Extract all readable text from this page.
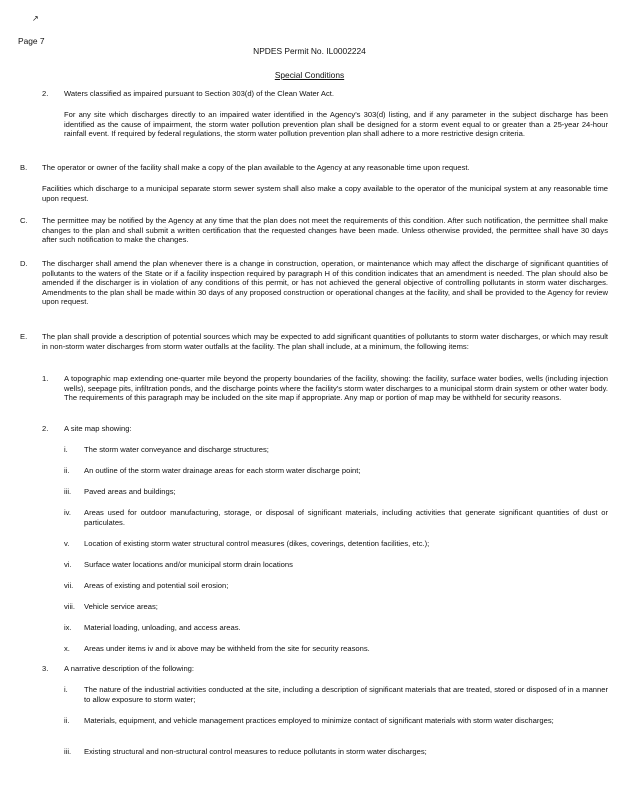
↗
Page 7
NPDES Permit No. IL0002224
Special Conditions
2. Waters classified as impaired pursuant to Section 303(d) of the Clean Water Act.
For any site which discharges directly to an impaired water identified in the Agency's 303(d) listing, and if any parameter in the subject discharge has been identified as the cause of impairment, the storm water pollution prevention plan shall be designed for a storm event equal to or greater than a 25-year 24-hour rainfall event. If required by federal regulations, the storm water pollution prevention plan shall adhere to a more restrictive design criteria.
B. The operator or owner of the facility shall make a copy of the plan available to the Agency at any reasonable time upon request.
Facilities which discharge to a municipal separate storm sewer system shall also make a copy available to the operator of the municipal system at any reasonable time upon request.
C. The permittee may be notified by the Agency at any time that the plan does not meet the requirements of this condition. After such notification, the permittee shall make changes to the plan and shall submit a written certification that the requested changes have been made. Unless otherwise provided, the permittee shall have 30 days after such notification to make the changes.
D. The discharger shall amend the plan whenever there is a change in construction, operation, or maintenance which may affect the discharge of significant quantities of pollutants to the waters of the State or if a facility inspection required by paragraph H of this condition indicates that an amendment is needed. The plan should also be amended if the discharger is in violation of any conditions of this permit, or has not achieved the general objective of controlling pollutants in storm water discharges. Amendments to the plan shall be made within 30 days of any proposed construction or operational changes at the facility, and shall be provided to the Agency for review upon request.
E. The plan shall provide a description of potential sources which may be expected to add significant quantities of pollutants to storm water discharges, or which may result in non-storm water discharges from storm water outfalls at the facility. The plan shall include, at a minimum, the following items:
1. A topographic map extending one-quarter mile beyond the property boundaries of the facility, showing: the facility, surface water bodies, wells (including injection wells), seepage pits, infiltration ponds, and the discharge points where the facility's storm water discharges to a municipal storm drain system or other water body. The requirements of this paragraph may be included on the site map if appropriate. Any map or portion of map may be withheld for security reasons.
2. A site map showing:
i. The storm water conveyance and discharge structures;
ii. An outline of the storm water drainage areas for each storm water discharge point;
iii. Paved areas and buildings;
iv. Areas used for outdoor manufacturing, storage, or disposal of significant materials, including activities that generate significant quantities of dust or particulates.
v. Location of existing storm water structural control measures (dikes, coverings, detention facilities, etc.);
vi. Surface water locations and/or municipal storm drain locations
vii. Areas of existing and potential soil erosion;
viii. Vehicle service areas;
ix. Material loading, unloading, and access areas.
x. Areas under items iv and ix above may be withheld from the site for security reasons.
3. A narrative description of the following:
i. The nature of the industrial activities conducted at the site, including a description of significant materials that are treated, stored or disposed of in a manner to allow exposure to storm water;
ii. Materials, equipment, and vehicle management practices employed to minimize contact of significant materials with storm water discharges;
iii. Existing structural and non-structural control measures to reduce pollutants in storm water discharges;
